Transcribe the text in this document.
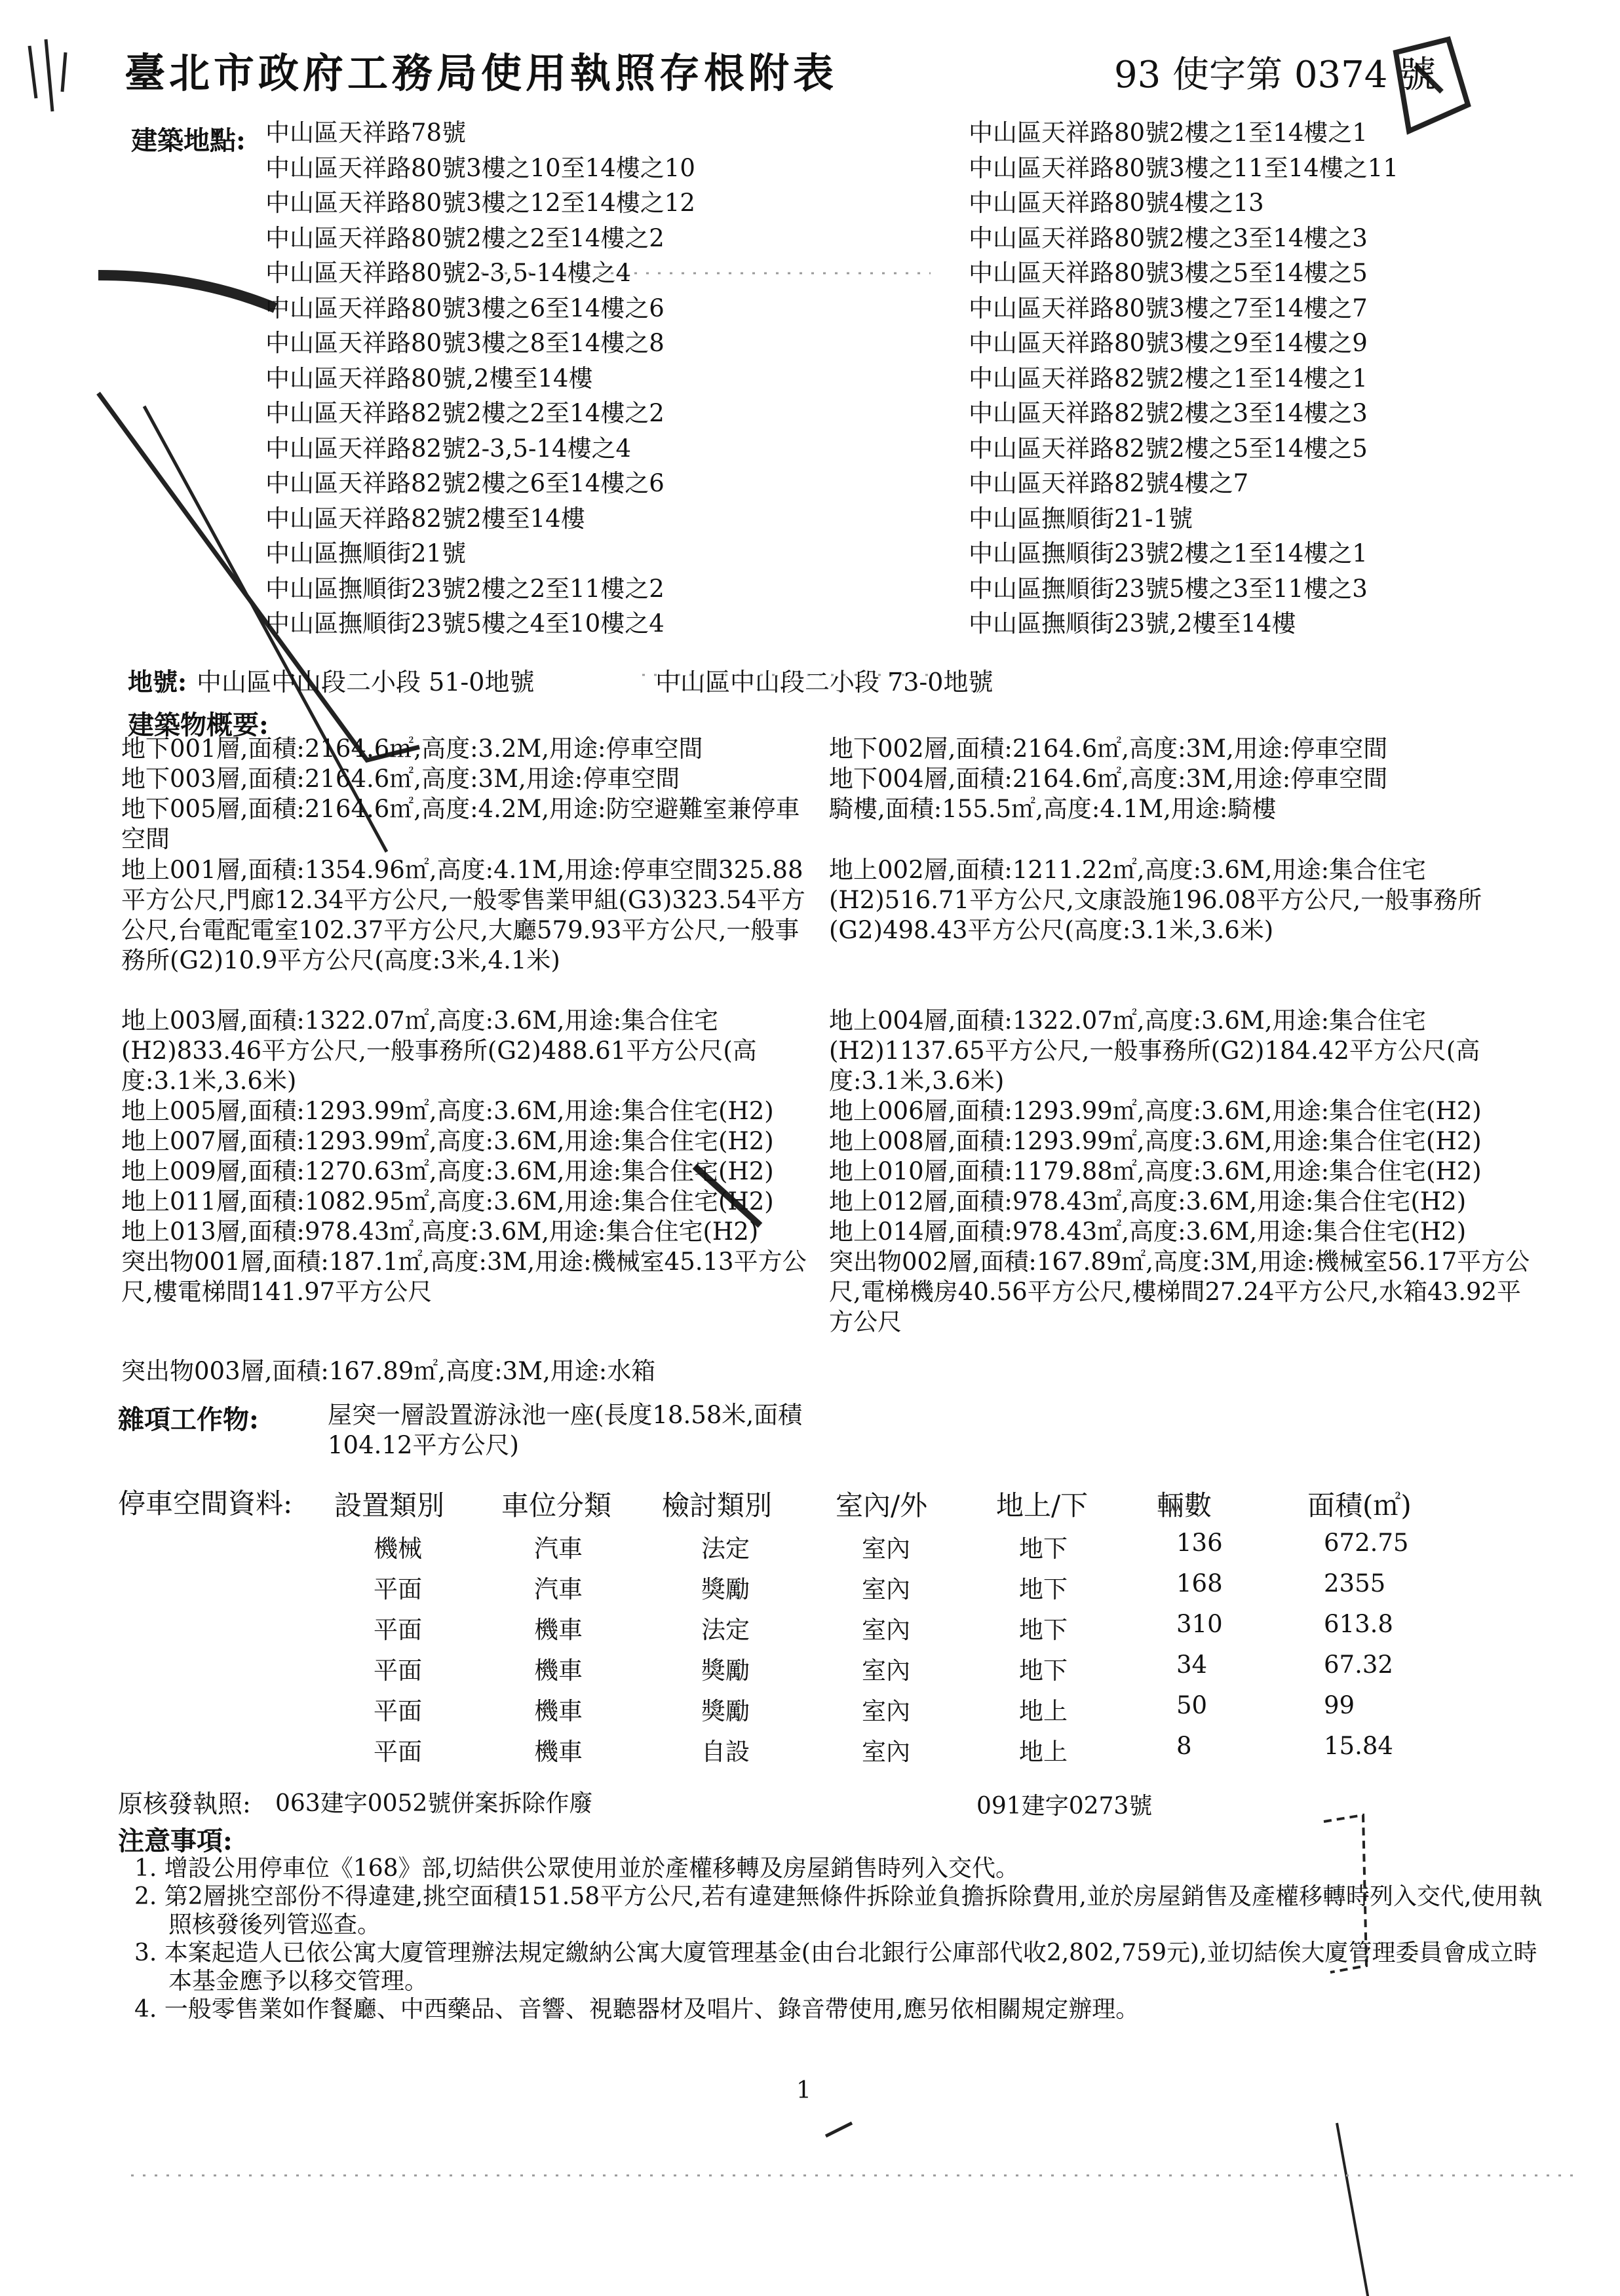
臺北市政府工務局使用執照存根附表	93 使字第 0374 號
建築地點: 中山區天祥路78號
中山區天祥路80號3樓之10至14樓之10
中山區天祥路80號3樓之12至14樓之12
中山區天祥路80號2樓之2至14樓之2
中山區天祥路80號2-3,5-14樓之4
中山區天祥路80號3樓之6至14樓之6
中山區天祥路80號3樓之8至14樓之8
中山區天祥路80號,2樓至14樓
中山區天祥路82號2樓之2至14樓之2
中山區天祥路82號2-3,5-14樓之4
中山區天祥路82號2樓之6至14樓之6
中山區天祥路82號2樓至14樓
中山區撫順街21號
中山區撫順街23號2樓之2至11樓之2
中山區撫順街23號5樓之4至10樓之4
中山區天祥路80號2樓之1至14樓之1
中山區天祥路80號3樓之11至14樓之11
中山區天祥路80號4樓之13
中山區天祥路80號2樓之3至14樓之3
中山區天祥路80號3樓之5至14樓之5
中山區天祥路80號3樓之7至14樓之7
中山區天祥路80號3樓之9至14樓之9
中山區天祥路82號2樓之1至14樓之1
中山區天祥路82號2樓之3至14樓之3
中山區天祥路82號2樓之5至14樓之5
中山區天祥路82號4樓之7
中山區撫順街21-1號
中山區撫順街23號2樓之1至14樓之1
中山區撫順街23號5樓之3至11樓之3
中山區撫順街23號,2樓至14樓
地號: 中山區中山段二小段 51-0地號	中山區中山段二小段 73-0地號
建築物概要:
地下001層,面積:2164.6㎡,高度:3.2M,用途:停車空間	地下002層,面積:2164.6㎡,高度:3M,用途:停車空間
地下003層,面積:2164.6㎡,高度:3M,用途:停車空間	地下004層,面積:2164.6㎡,高度:3M,用途:停車空間
地下005層,面積:2164.6㎡,高度:4.2M,用途:防空避難室兼停車空間
騎樓,面積:155.5㎡,高度:4.1M,用途:騎樓
地上001層,面積:1354.96㎡,高度:4.1M,用途:停車空間325.88平方公尺,門廊12.34平方公尺,一般零售業甲組(G3)323.54平方公尺,台電配電室102.37平方公尺,大廳579.93平方公尺,一般事務所(G2)10.9平方公尺(高度:3米,4.1米)
地上002層,面積:1211.22㎡,高度:3.6M,用途:集合住宅(H2)516.71平方公尺,文康設施196.08平方公尺,一般事務所(G2)498.43平方公尺(高度:3.1米,3.6米)
地上003層,面積:1322.07㎡,高度:3.6M,用途:集合住宅(H2)833.46平方公尺,一般事務所(G2)488.61平方公尺(高度:3.1米,3.6米)
地上004層,面積:1322.07㎡,高度:3.6M,用途:集合住宅(H2)1137.65平方公尺,一般事務所(G2)184.42平方公尺(高度:3.1米,3.6米)
地上005層,面積:1293.99㎡,高度:3.6M,用途:集合住宅(H2)	地上006層,面積:1293.99㎡,高度:3.6M,用途:集合住宅(H2)
地上007層,面積:1293.99㎡,高度:3.6M,用途:集合住宅(H2)	地上008層,面積:1293.99㎡,高度:3.6M,用途:集合住宅(H2)
地上009層,面積:1270.63㎡,高度:3.6M,用途:集合住宅(H2)	地上010層,面積:1179.88㎡,高度:3.6M,用途:集合住宅(H2)
地上011層,面積:1082.95㎡,高度:3.6M,用途:集合住宅(H2)	地上012層,面積:978.43㎡,高度:3.6M,用途:集合住宅(H2)
地上013層,面積:978.43㎡,高度:3.6M,用途:集合住宅(H2)	地上014層,面積:978.43㎡,高度:3.6M,用途:集合住宅(H2)
突出物001層,面積:187.1㎡,高度:3M,用途:機械室45.13平方公尺,樓電梯間141.97平方公尺
突出物002層,面積:167.89㎡,高度:3M,用途:機械室56.17平方公尺,電梯機房40.56平方公尺,樓梯間27.24平方公尺,水箱43.92平方公尺
突出物003層,面積:167.89㎡,高度:3M,用途:水箱
雜項工作物:	屋突一層設置游泳池一座(長度18.58米,面積104.12平方公尺)
停車空間資料: 設置類別 車位分類 檢討類別 室內/外 地上/下 輛數	面積(㎡)
機械	汽車	法定	室內	地下	136	672.75
平面	汽車	獎勵	室內	地下	168	2355
平面	機車	法定	室內	地下	310	613.8
平面	機車	獎勵	室內	地下	34	67.32
平面	機車	獎勵	室內	地上	50	99
平面	機車	自設	室內	地上	8	15.84
原核發執照: 063建字0052號併案拆除作廢	091建字0273號
注意事項:
1. 增設公用停車位《168》部,切結供公眾使用並於產權移轉及房屋銷售時列入交代。
2. 第2層挑空部份不得違建,挑空面積151.58平方公尺,若有違建無條件拆除並負擔拆除費用,並於房屋銷售及產權移轉時列入交代,使用執照核發後列管巡查。
3. 本案起造人已依公寓大廈管理辦法規定繳納公寓大廈管理基金(由台北銀行公庫部代收2,802,759元),並切結俟大廈管理委員會成立時本基金應予以移交管理。
4. 一般零售業如作餐廳、中西藥品、音響、視聽器材及唱片、錄音帶使用,應另依相關規定辦理。
1
